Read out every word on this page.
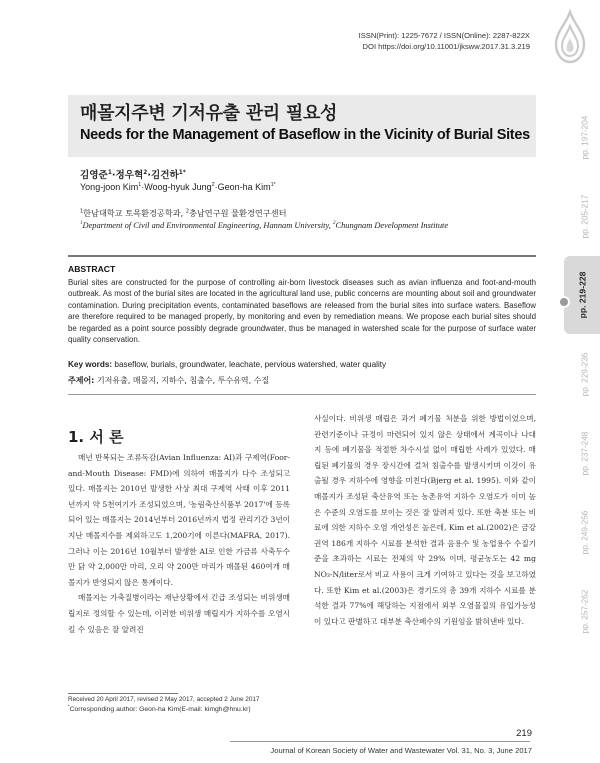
ISSN(Print): 1225-7672 / ISSN(Online): 2287-822X
DOI https://doi.org/10.11001/jksww.2017.31.3.219
매몰지주변 기저유출 관리 필요성
Needs for the Management of Baseflow in the Vicinity of Burial Sites
김영준$^1$·정우혁$^2$·김건하$^{1*}$
Yong-joon Kim$^1$·Woog-hyuk Jung$^2$·Geon-ha Kim$^{1*}$
$^1$한남대학교 토목환경공학과, $^2$충남연구원 물환경연구센터
$^1$Department of Civil and Environmental Engineering, Hannam University, $^2$Chungnam Development Institute
ABSTRACT
Burial sites are constructed for the purpose of controlling air-born livestock diseases such as avian influenza and foot-and-mouth outbreak. As most of the burial sites are located in the agricultural land use, public concerns are mounting about soil and groundwater contamination. During precipitation events, contaminated baseflows are released from the burial sites into surface waters. Baseflow are therefore required to be managed properly, by monitoring and even by remediation means. We propose each burial sites should be regarded as a point source possibly degrade groundwater, thus be managed in watershed scale for the purpose of surface water quality conservation.
Key words: baseflow, burials, groundwater, leachate, pervious watershed, water quality
주제어: 기저유출, 매몰지, 지하수, 침출수, 투수유역, 수질
1. 서 론

매년 반복되는 조류독감(Avian Influenza: AI)과 구제역(Foor-and-Mouth Disease: FMD)에 의하여 매몰지가 다수 조성되고 있다. 매몰지는 2010년 발생한 사상 최대 구제역 사태 이후 2011년까지 약 5천여기가 조성되었으며, '농림축산식품부 2017'에 등록되어 있는 매몰지는 2014년부터 2016년까지 법정 관리기간 3년이 지난 매몰지수를 제외하고도 1,200기에 이른다(MAFRA, 2017). 그러나 이는 2016년 10월부터 발생한 AI로 인한 가금류 사축두수만 닭 약 2,000만 마리, 오리 약 200만 마리가 매몰된 460여개 매몰지가 반영되지 않은 통계이다.

매몰지는 가축질병이라는 재난상황에서 긴급 조성되는 비위생매립지로 정의할 수 있는데, 이러한 비위생 매립지가 지하수를 오염시킬 수 있음은 잘 알려진

사실이다. 비위생 매립은 과거 폐기물 처분을 위한 방법이었으며, 관련기준이나 규정이 마련되어 있지 않은 상태에서 계곡이나 나대지 등에 폐기물을 적절한 차수시설 없이 매립한 사례가 있었다. 매립된 폐기물의 경우 장시간에 걸쳐 침출수를 발생시키며 이것이 유출될 경우 지하수에 영향을 미친다(Bjerg et al. 1995). 이와 같이 매몰지가 조성된 축산유역 또는 농촌유역 지하수 오염도가 이미 높은 수준의 오염도를 보이는 것은 잘 알려져 있다. 또한 축분 또는 비료에 의한 지하수 오염 개연성은 높은데, Kim et al.(2002)은 금강권역 186개 지하수 시료를 분석한 결과 음용수 및 농업용수 수질기준을 초과하는 시료는 전체의 약 29% 이며, 평균농도는 42 mg NO₃-N/liter로서 비교 사용이 크게 기여하고 있다는 것을 보고하였다. 또한 Kim et al.(2003)은 경기도의 총 39개 지하수 시료를 분석한 결과 77%에 해당하는 지점에서 외부 오염물질의 유입가능성이 있다고 판별하고 대부분 축산폐수의 기원임을 밝혀낸바 있다.

Received 20 April 2017, revised 2 May 2017, accepted 2 June 2017
*Corresponding author: Geon-ha Kim(E-mail: kimgh@hnu.kr)
219
Journal of Korean Society of Water and Wastewater Vol. 31, No. 3, June 2017
pp. 197-204
pp. 205-217
pp. 219-228
pp. 229-236
pp. 237-248
pp. 249-256
pp. 257-262
